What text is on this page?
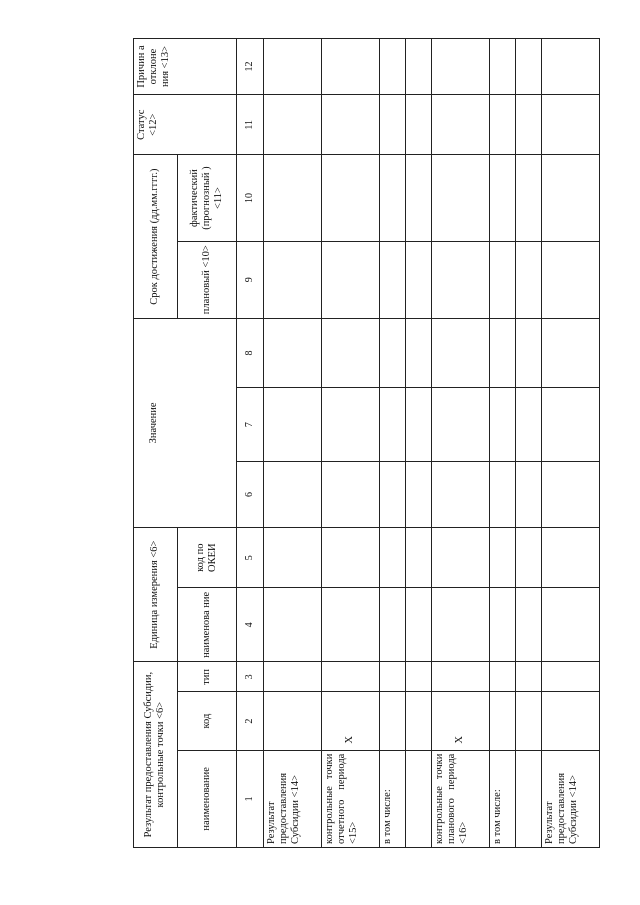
Результат предоставления Субсидии, контрольные точки <6>			Единица измерения <6>		Значение			Срок достижения (дд.мм.гггг.)		Статус <12>	Причин а отклоне ния <13>
наименование	код	тип	наименова ние	код по ОКЕИ				плановый <10>	фактический (прогнозный ) <11>		
1	2	3	4	5	6	7	8	9	10	11	12
Результат предоставления Субсидии <14>											
контрольные точки отчетного периода <15>	X										
в том числе:											

контрольные точки планового периода <16>	X										
в том числе:											

Результат предоставления Субсидии <14>											
